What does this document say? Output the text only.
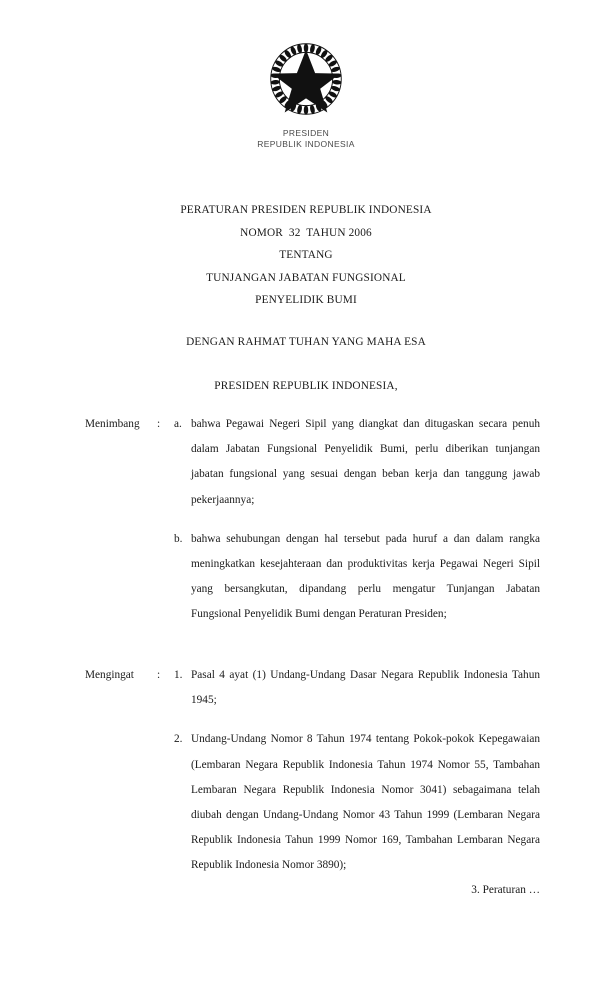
PRESIDEN
REPUBLIK INDONESIA
PERATURAN PRESIDEN REPUBLIK INDONESIA
NOMOR  32  TAHUN 2006
TENTANG
TUNJANGAN JABATAN FUNGSIONAL
PENYELIDIK BUMI
DENGAN RAHMAT TUHAN YANG MAHA ESA
PRESIDEN REPUBLIK INDONESIA,
Menimbang	:	a. bahwa Pegawai Negeri Sipil yang diangkat dan ditugaskan secara penuh dalam Jabatan Fungsional Penyelidik Bumi, perlu diberikan tunjangan jabatan fungsional yang sesuai dengan beban kerja dan tanggung jawab pekerjaannya;
b. bahwa sehubungan dengan hal tersebut pada huruf a dan dalam rangka meningkatkan kesejahteraan dan produktivitas kerja Pegawai Negeri Sipil yang bersangkutan, dipandang perlu mengatur Tunjangan Jabatan Fungsional Penyelidik Bumi dengan Peraturan Presiden;
Mengingat	:	1. Pasal 4 ayat (1) Undang-Undang Dasar Negara Republik Indonesia Tahun 1945;
2. Undang-Undang Nomor 8 Tahun 1974 tentang Pokok-pokok Kepegawaian (Lembaran Negara Republik Indonesia Tahun 1974 Nomor 55, Tambahan Lembaran Negara Republik Indonesia Nomor 3041) sebagaimana telah diubah dengan Undang-Undang Nomor 43 Tahun 1999 (Lembaran Negara Republik Indonesia Tahun 1999 Nomor 169, Tambahan Lembaran Negara Republik Indonesia Nomor 3890);
3. Peraturan …
